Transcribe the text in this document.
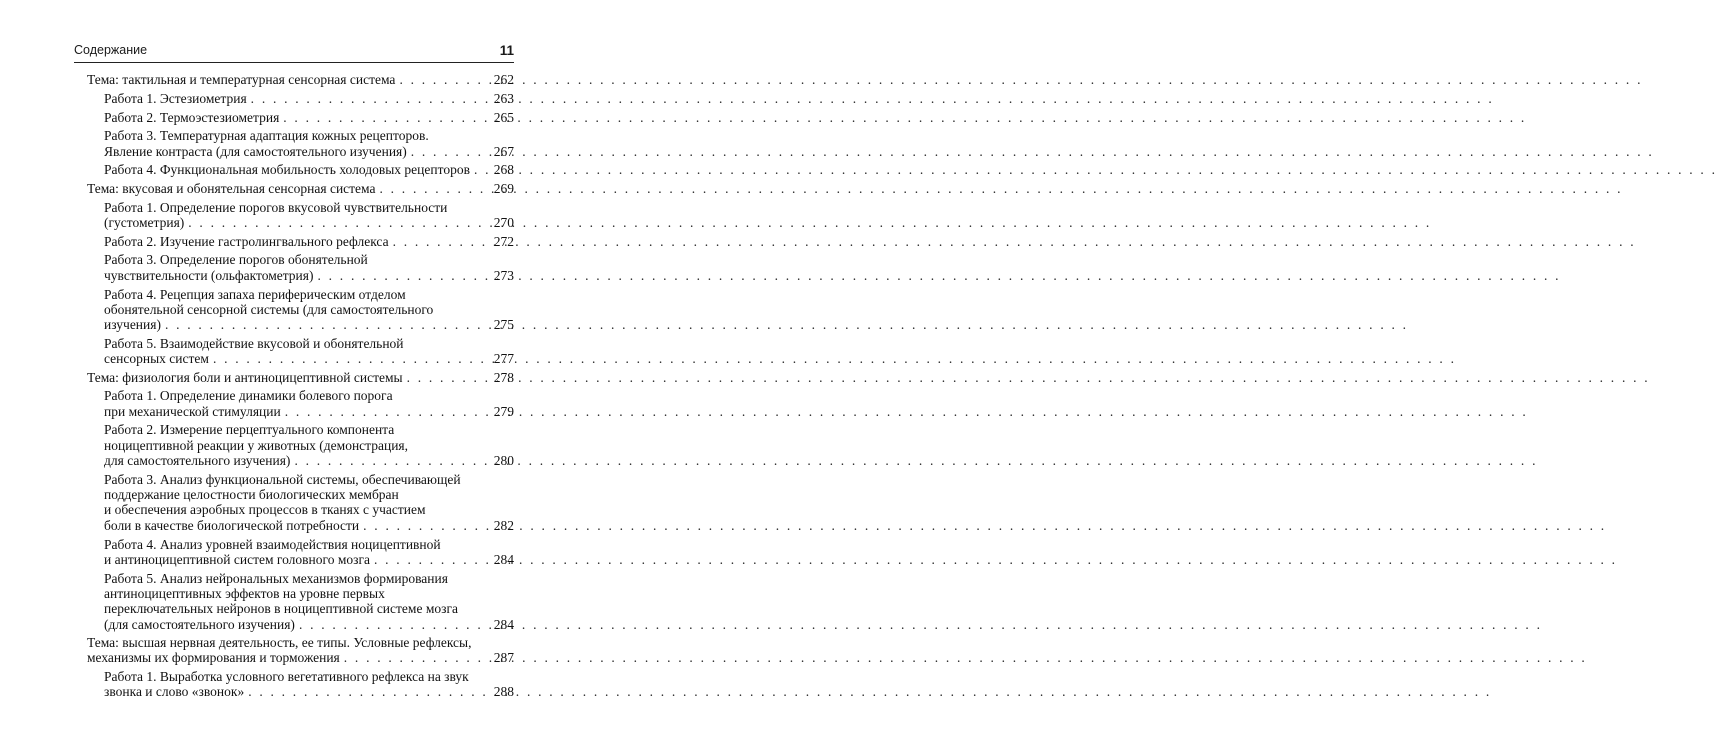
Содержание	11
Тема: тактильная и температурная сенсорная система . . .	262
Работа 1. Эстезиометрия . . .	263
Работа 2. Термоэстезиометрия . . .	265
Работа 3. Температурная адаптация кожных рецепторов.
Явление контраста (для самостоятельного изучения) . . .	267
Работа 4. Функциональная мобильность холодовых рецепторов . . . 268
Тема: вкусовая и обонятельная сенсорная система . . .	269
Работа 1. Определение порогов вкусовой чувствительности
(густометрия) . . .	270
Работа 2. Изучение гастролингвального рефлекса . . .	272
Работа 3. Определение порогов обонятельной
чувствительности (ольфактометрия) . . .	273
Работа 4. Рецепция запаха периферическим отделом
обонятельной сенсорной системы (для самостоятельного
изучения) . . .	275
Работа 5. Взаимодействие вкусовой и обонятельной
сенсорных систем . . .	277
Тема: физиология боли и антиноцицептивной системы . . .	278
Работа 1. Определение динамики болевого порога
при механической стимуляции . . .	279
Работа 2. Измерение перцептуального компонента
ноцицептивной реакции у животных (демонстрация,
для самостоятельного изучения) . . .	280
Работа 3. Анализ функциональной системы, обеспечивающей
поддержание целостности биологических мембран
и обеспечения аэробных процессов в тканях с участием
боли в качестве биологической потребности . . .	282
Работа 4. Анализ уровней взаимодействия ноцицептивной
и антиноцицептивной систем головного мозга . . .	284
Работа 5. Анализ нейрональных механизмов формирования
антиноцицептивных эффектов на уровне первых
переключательных нейронов в ноцицептивной системе мозга
(для самостоятельного изучения) . . .	284
Тема: высшая нервная деятельность, ее типы. Условные рефлексы,
механизмы их формирования и торможения . . .	287
Работа 1. Выработка условного вегетативного рефлекса на звук
звонка и слово «звонок» . . .	288
